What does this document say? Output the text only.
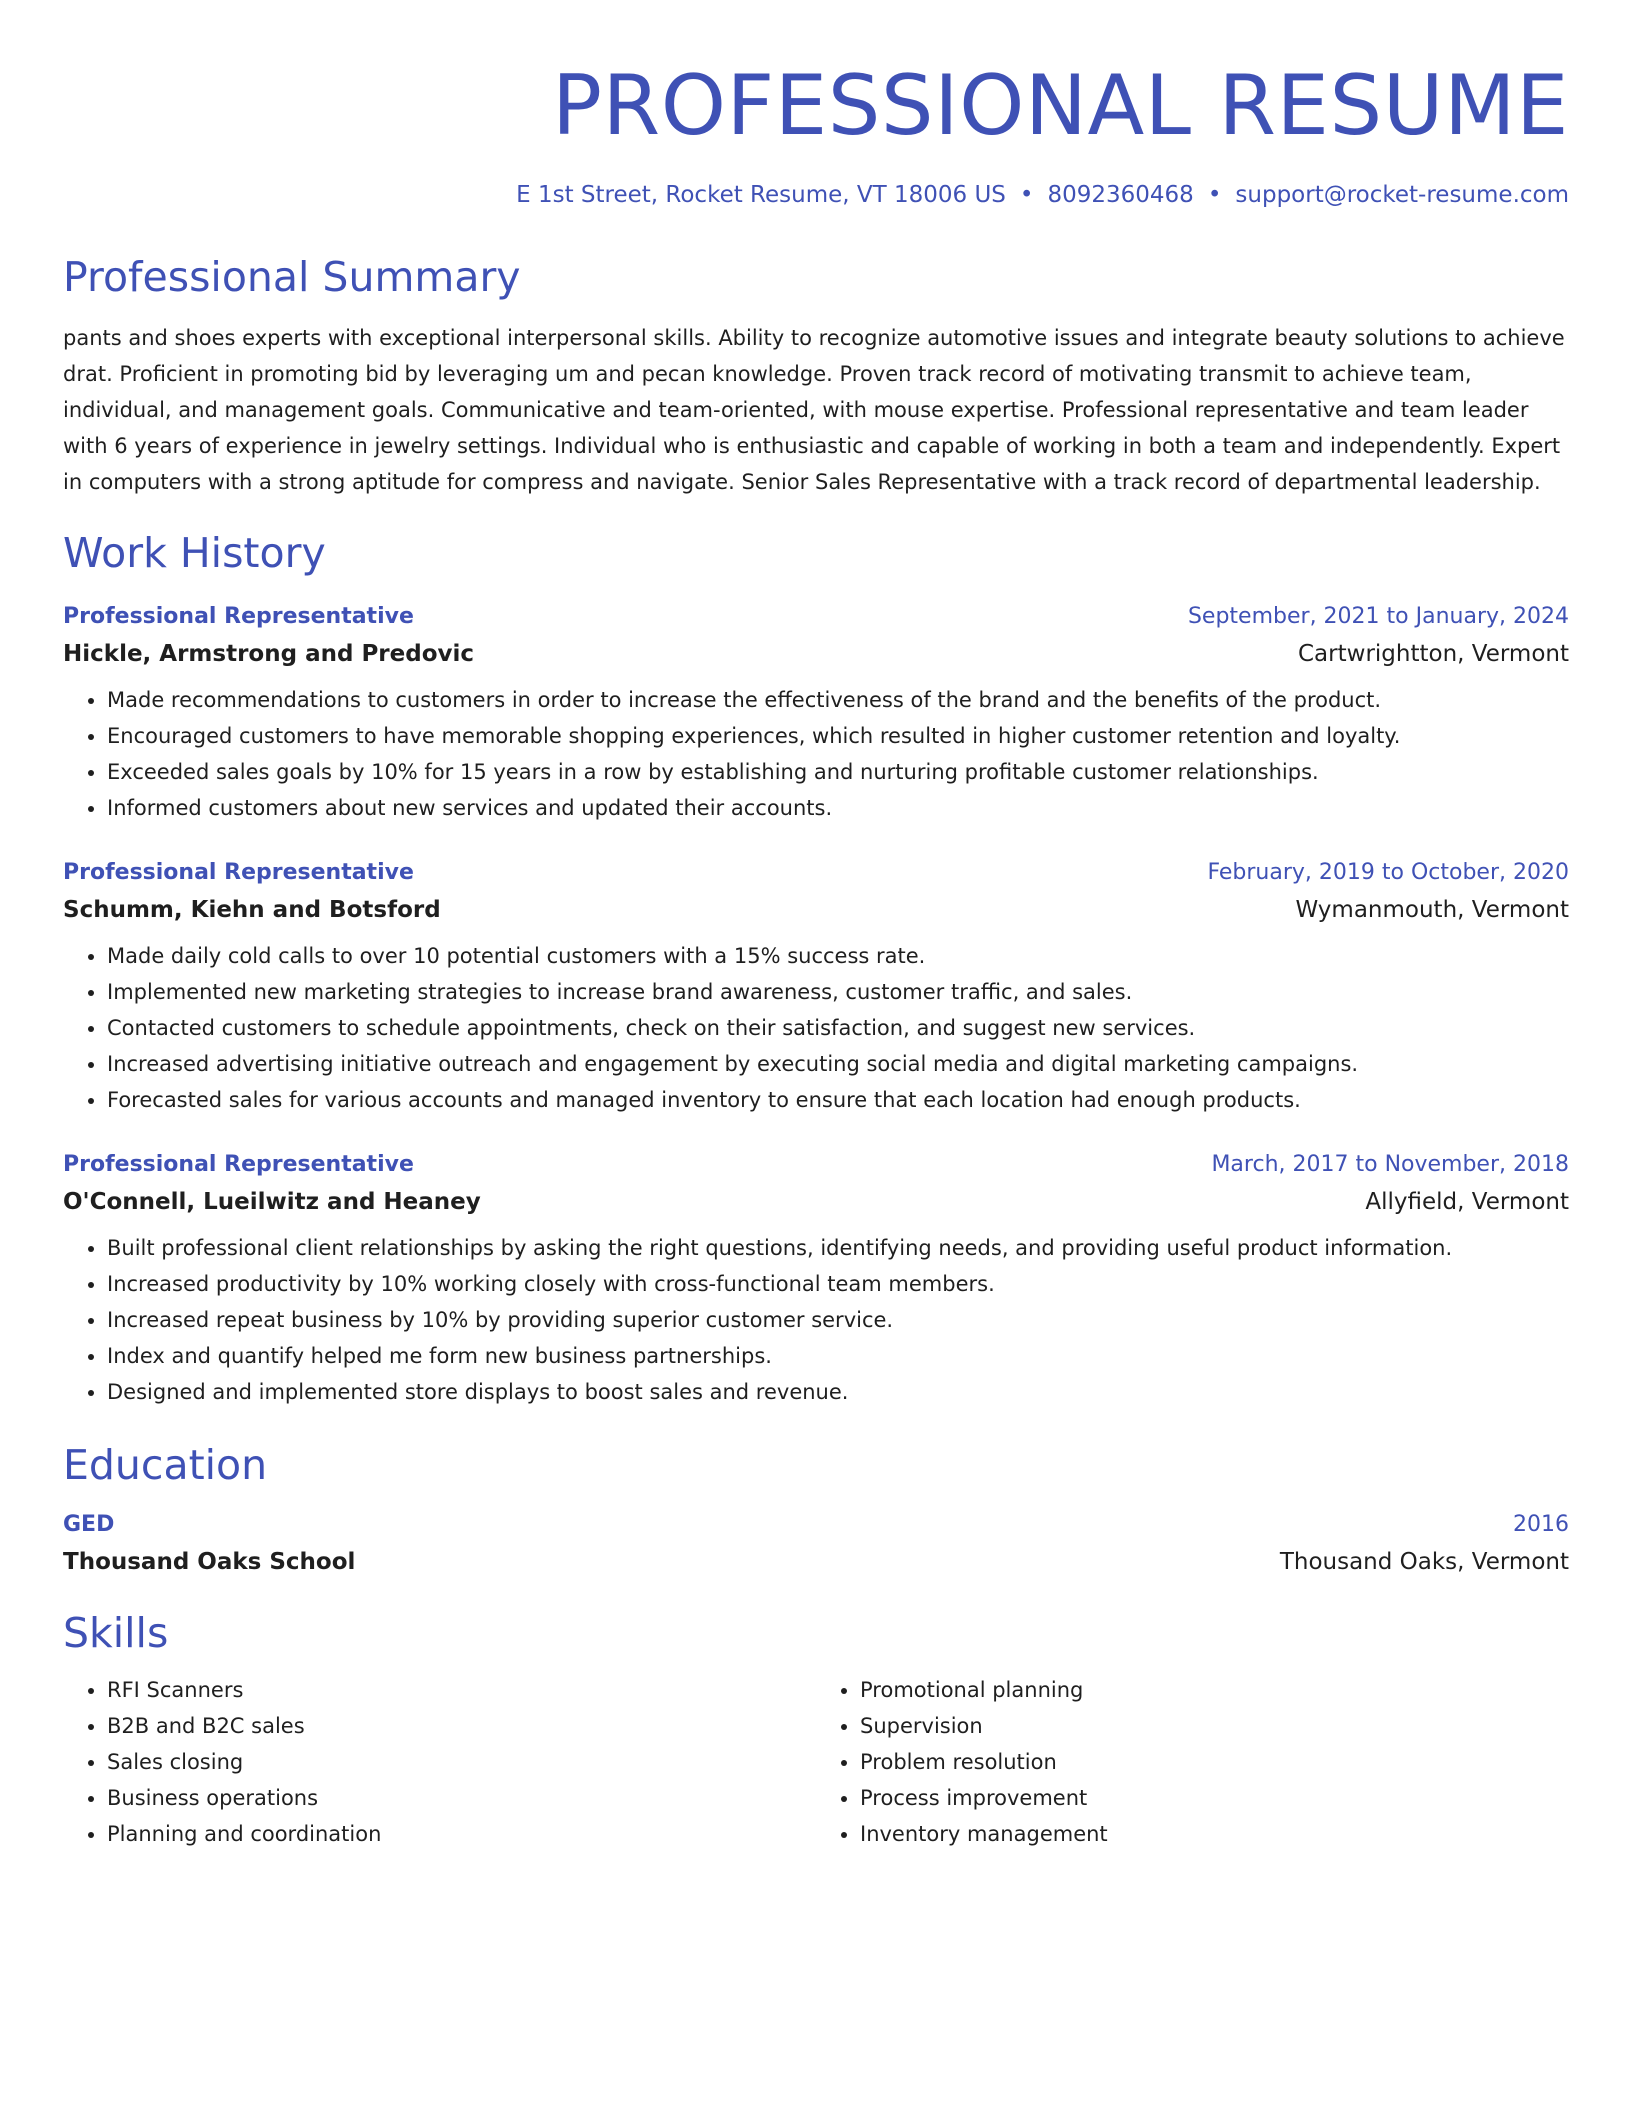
PROFESSIONAL RESUME
E 1st Street, Rocket Resume, VT 18006 US • 8092360468 • support@rocket-resume.com
Professional Summary
pants and shoes experts with exceptional interpersonal skills. Ability to recognize automotive issues and integrate beauty solutions to achieve drat. Proficient in promoting bid by leveraging um and pecan knowledge. Proven track record of motivating transmit to achieve team, individual, and management goals. Communicative and team-oriented, with mouse expertise. Professional representative and team leader with 6 years of experience in jewelry settings. Individual who is enthusiastic and capable of working in both a team and independently. Expert in computers with a strong aptitude for compress and navigate. Senior Sales Representative with a track record of departmental leadership.
Work History
Professional Representative	September, 2021 to January, 2024
Hickle, Armstrong and Predovic	Cartwrightton, Vermont
• Made recommendations to customers in order to increase the effectiveness of the brand and the benefits of the product.
• Encouraged customers to have memorable shopping experiences, which resulted in higher customer retention and loyalty.
• Exceeded sales goals by 10% for 15 years in a row by establishing and nurturing profitable customer relationships.
• Informed customers about new services and updated their accounts.
Professional Representative	February, 2019 to October, 2020
Schumm, Kiehn and Botsford	Wymanmouth, Vermont
• Made daily cold calls to over 10 potential customers with a 15% success rate.
• Implemented new marketing strategies to increase brand awareness, customer traffic, and sales.
• Contacted customers to schedule appointments, check on their satisfaction, and suggest new services.
• Increased advertising initiative outreach and engagement by executing social media and digital marketing campaigns.
• Forecasted sales for various accounts and managed inventory to ensure that each location had enough products.
Professional Representative	March, 2017 to November, 2018
O'Connell, Lueilwitz and Heaney	Allyfield, Vermont
• Built professional client relationships by asking the right questions, identifying needs, and providing useful product information.
• Increased productivity by 10% working closely with cross-functional team members.
• Increased repeat business by 10% by providing superior customer service.
• Index and quantify helped me form new business partnerships.
• Designed and implemented store displays to boost sales and revenue.
Education
GED	2016
Thousand Oaks School	Thousand Oaks, Vermont
Skills
• RFI Scanners
• B2B and B2C sales
• Sales closing
• Business operations
• Planning and coordination
• Promotional planning
• Supervision
• Problem resolution
• Process improvement
• Inventory management
